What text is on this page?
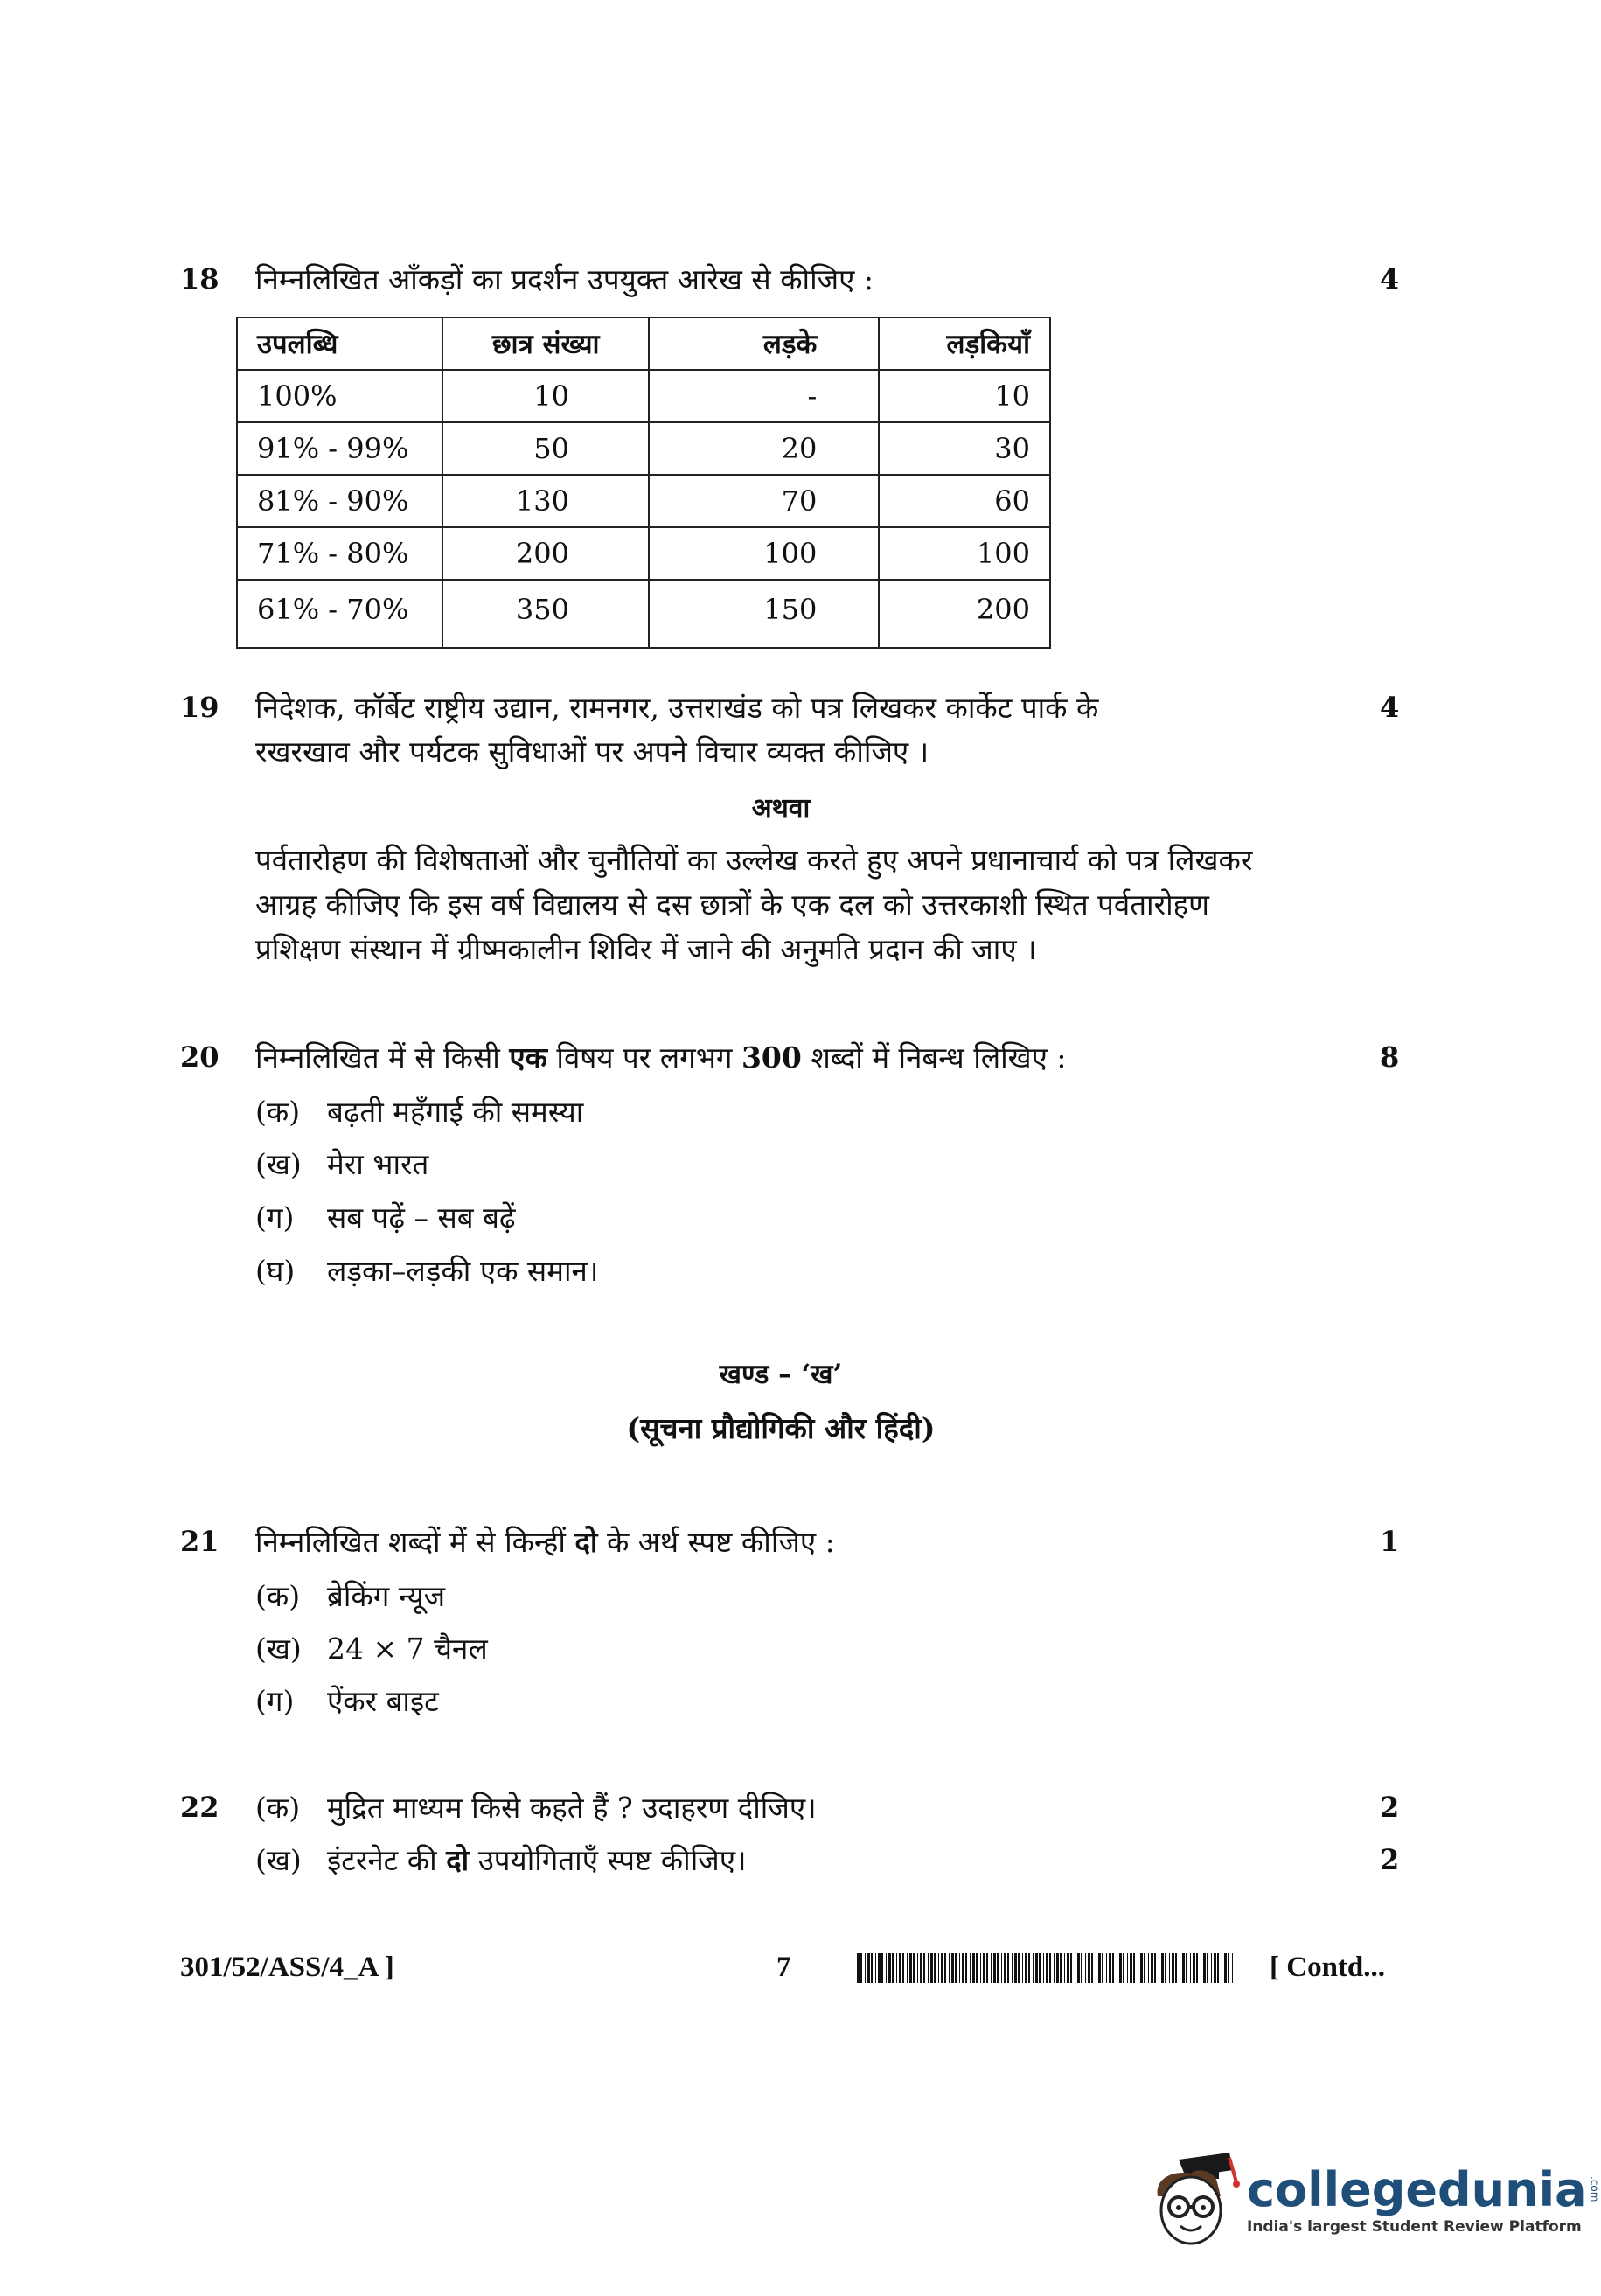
18 निम्नलिखित आँकड़ों का प्रदर्शन उपयुक्त आरेख से कीजिए :	4
उपलब्धि	छात्र संख्या	लड़के	लड़कियाँ
100%	10	-	10
91% - 99%	50	20	30
81% - 90%	130	70	60
71% - 80%	200	100	100
61% - 70%	350	150	200
19 निदेशक, कॉर्बेट राष्ट्रीय उद्यान, रामनगर, उत्तराखंड को पत्र लिखकर कार्केट पार्क के
रखरखाव और पर्यटक सुविधाओं पर अपने विचार व्यक्त कीजिए ।
4
अथवा
पर्वतारोहण की विशेषताओं और चुनौतियों का उल्लेख करते हुए अपने प्रधानाचार्य को पत्र लिखकर
आग्रह कीजिए कि इस वर्ष विद्यालय से दस छात्रों के एक दल को उत्तरकाशी स्थित पर्वतारोहण
प्रशिक्षण संस्थान में ग्रीष्मकालीन शिविर में जाने की अनुमति प्रदान की जाए ।
20 निम्नलिखित में से किसी एक विषय पर लगभग 300 शब्दों में निबन्ध लिखिए :	8
(क) बढ़ती महँगाई की समस्या
(ख) मेरा भारत
(ग) सब पढ़ें – सब बढ़ें
(घ) लड़का–लड़की एक समान।
खण्ड – ‘ख’
(सूचना प्रौद्योगिकी और हिंदी)
21 निम्नलिखित शब्दों में से किन्हीं दो के अर्थ स्पष्ट कीजिए :	1
(क) ब्रेकिंग न्यूज
(ख) 24 × 7 चैनल
(ग) ऐंकर बाइट
22 (क) मुद्रित माध्यम किसे कहते हैं ? उदाहरण दीजिए।	2
(ख) इंटरनेट की दो उपयोगिताएँ स्पष्ट कीजिए।	2
301/52/ASS/4_A ]	7	[ Contd...
collegedunia .com
India's largest Student Review Platform
